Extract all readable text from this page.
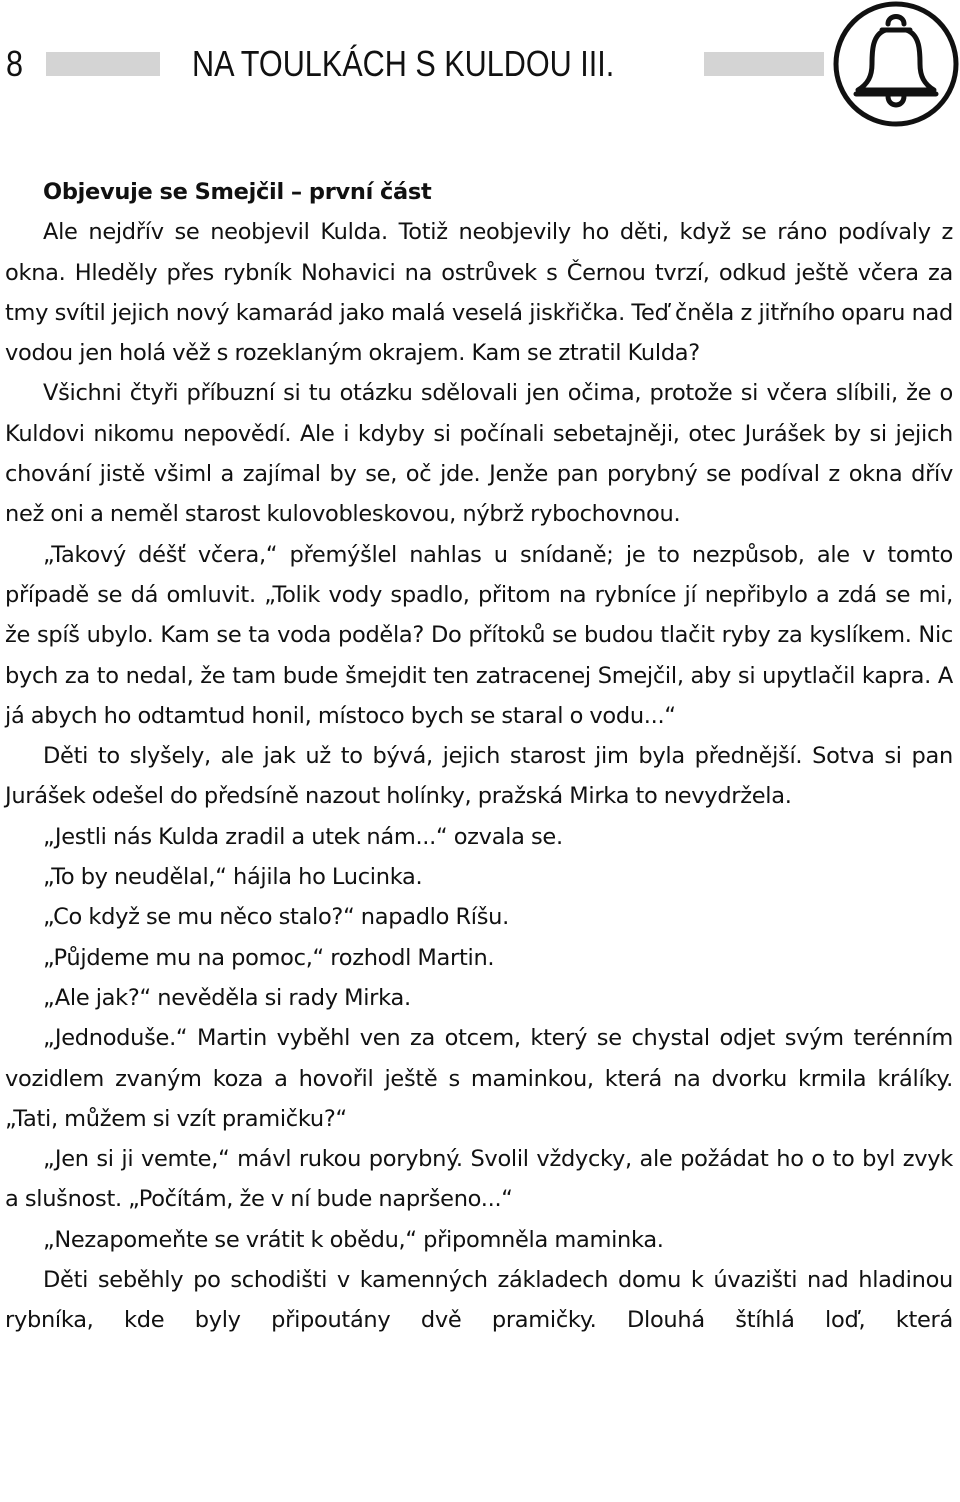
8	NA TOULKÁCH S KULDOU III.
Objevuje se Smejčil – první část

Ale nejdřív se neobjevil Kulda. Totiž neobjevily ho děti, když se ráno podívaly z okna. Hleděly přes rybník Nohavici na ostrůvek s Černou tvrzí, odkud ještě včera za tmy svítil jejich nový kamarád jako malá veselá jiskřička. Teď čněla z jitřního oparu nad vodou jen holá věž s rozeklaným okrajem. Kam se ztratil Kulda?

Všichni čtyři příbuzní si tu otázku sdělovali jen očima, protože si včera slíbili, že o Kuldovi nikomu nepovědí. Ale i kdyby si počínali sebetajněji, otec Jurášek by si jejich chování jistě všiml a zajímal by se, oč jde. Jenže pan porybný se podíval z okna dřív než oni a neměl starost kulovobleskovou, nýbrž rybochovnou.

„Takový déšť včera,“ přemýšlel nahlas u snídaně; je to nezpůsob, ale v tomto případě se dá omluvit. „Tolik vody spadlo, přitom na rybníce jí nepřibylo a zdá se mi, že spíš ubylo. Kam se ta voda poděla? Do přítoků se budou tlačit ryby za kyslíkem. Nic bych za to nedal, že tam bude šmejdit ten zatracenej Smejčil, aby si upytlačil kapra. A já abych ho odtamtud honil, místoco bych se staral o vodu...“

Děti to slyšely, ale jak už to bývá, jejich starost jim byla přednější. Sotva si pan Jurášek odešel do předsíně nazout holínky, pražská Mirka to nevydržela.

„Jestli nás Kulda zradil a utek nám...“ ozvala se.

„To by neudělal,“ hájila ho Lucinka.

„Co když se mu něco stalo?“ napadlo Ríšu.

„Půjdeme mu na pomoc,“ rozhodl Martin.

„Ale jak?“ nevěděla si rady Mirka.

„Jednoduše.“ Martin vyběhl ven za otcem, který se chystal odjet svým terénním vozidlem zvaným koza a hovořil ještě s maminkou, která na dvorku krmila králíky. „Tati, můžem si vzít pramičku?“

„Jen si ji vemte,“ mávl rukou porybný. Svolil vždycky, ale požádat ho o to byl zvyk a slušnost. „Počítám, že v ní bude napršeno...“

„Nezapomeňte se vrátit k obědu,“ připomněla maminka.

Děti seběhly po schodišti v kamenných základech domu k úvazišti nad hladinou rybníka, kde byly připoutány dvě pramičky. Dlouhá štíhlá loď, která
